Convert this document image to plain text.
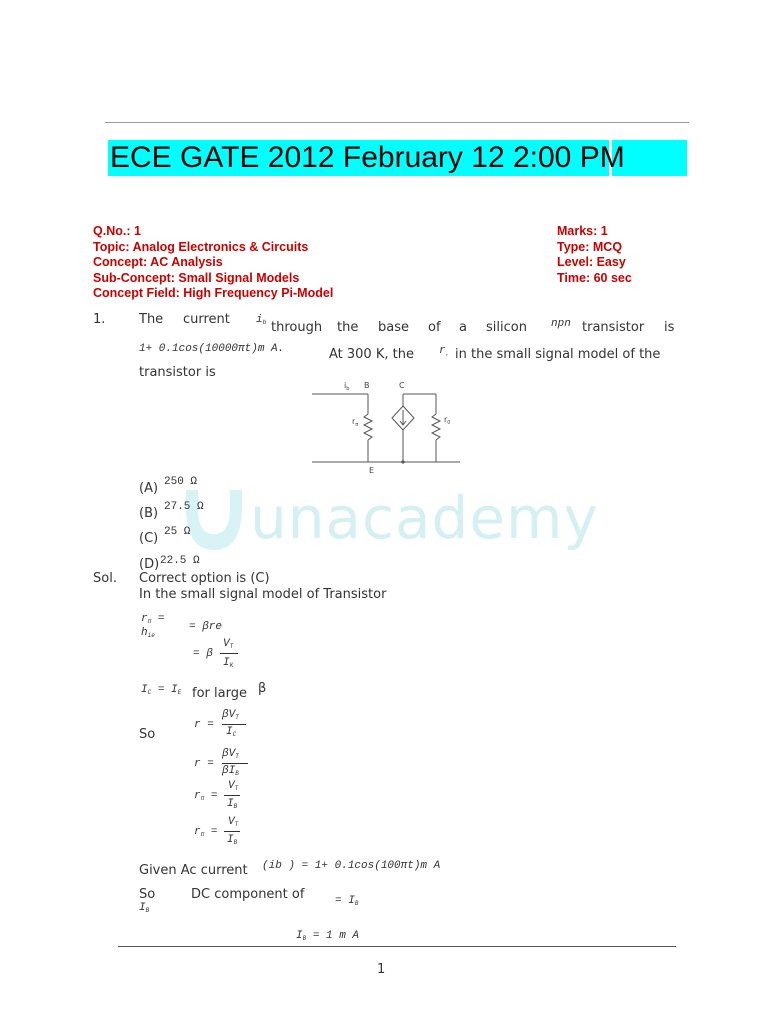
ECE GATE 2012 February 12 2:00 PM
Q.No.: 1
Topic: Analog Electronics & Circuits
Concept: AC Analysis
Sub-Concept: Small Signal Models
Concept Field: High Frequency Pi-Model
Marks: 1
Type: MCQ
Level: Easy
Time: 60 sec
1.	The current $i_b$ through the base of a silicon npn transistor is
1+ 0.1cos(10000πt)m A.	At 300 K, the $r_,$ in the small signal model of the
transistor is
$i_b$ B	C
$r_\pi$
$r_0$
E
unacademy
(A) 250 Ω
(B) 27.5 Ω
(C) 25 Ω
(D) 22.5 Ω
Sol. Correct option is (C)
In the small signal model of Transistor
$r_\pi$ =
$h_{ie}$
= βre
= β
$V_T$
$I_K$
$I_C = I_E$ for large β
So
r =
$\beta V_T$
$I_C$
r =
$\beta V_T$
$\beta I_B$
$r_\pi$ =
$V_T$
$I_B$
$r_\pi$ =
$V_T$
$I_B$
Given Ac current (ib ) = 1+ 0.1cos(100πt)m A
So	DC component of	= $I_B$
$I_B$
$I_B = 1$ m A
1
